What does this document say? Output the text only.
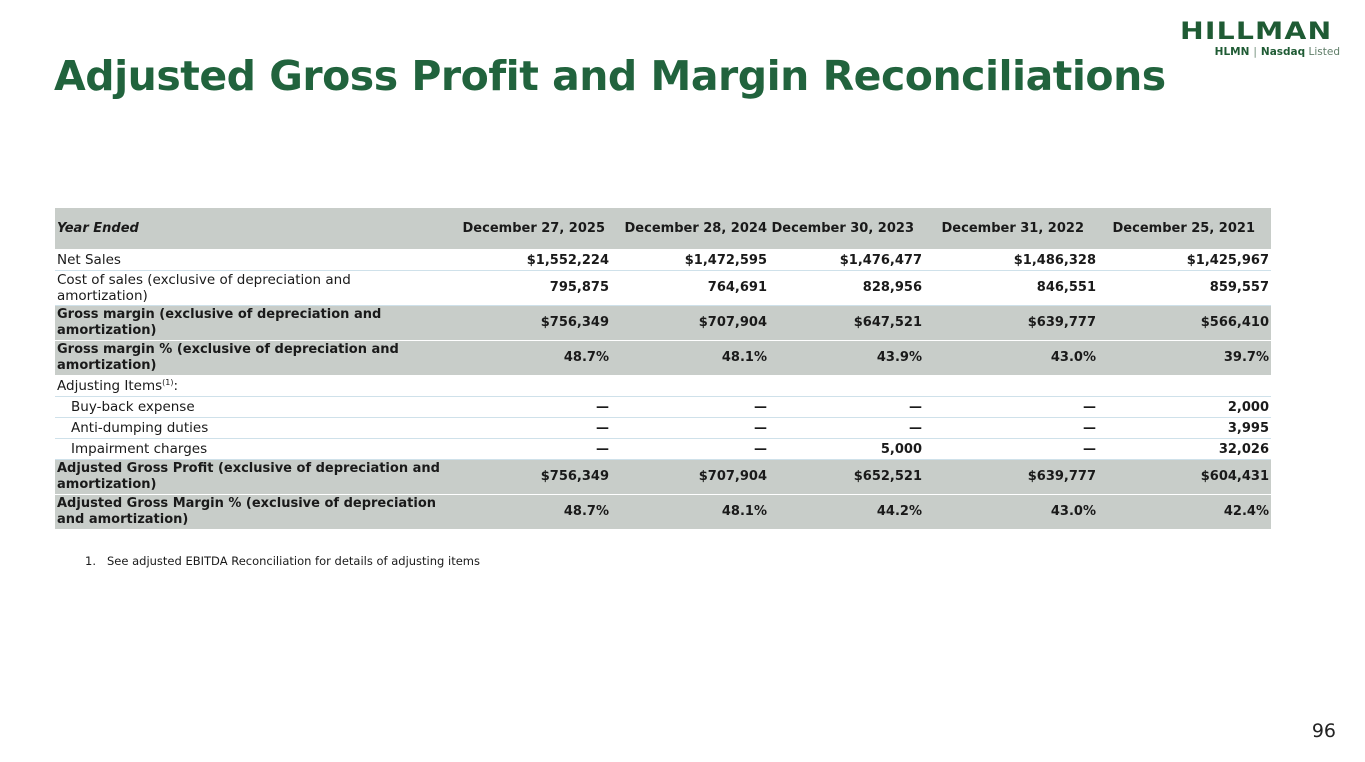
Adjusted Gross Profit and Margin Reconciliations
HILLMAN
HLMN | Nasdaq Listed
Year Ended	December 27, 2025	December 28, 2024	December 30, 2023	December 31, 2022	December 25, 2021
Net Sales	$1,552,224	$1,472,595	$1,476,477	$1,486,328	$1,425,967
Cost of sales (exclusive of depreciation and amortization)	795,875	764,691	828,956	846,551	859,557
Gross margin (exclusive of depreciation and amortization)	$756,349	$707,904	$647,521	$639,777	$566,410
Gross margin % (exclusive of depreciation and amortization)	48.7%	48.1%	43.9%	43.0%	39.7%
Adjusting Items$^{(1)}$:					
Buy-back expense	—	—	—	—	2,000
Anti-dumping duties	—	—	—	—	3,995
Impairment charges	—	—	5,000	—	32,026
Adjusted Gross Profit (exclusive of depreciation and amortization)	$756,349	$707,904	$652,521	$639,777	$604,431
Adjusted Gross Margin % (exclusive of depreciation and amortization)	48.7%	48.1%	44.2%	43.0%	42.4%
1. See adjusted EBITDA Reconciliation for details of adjusting items
96
